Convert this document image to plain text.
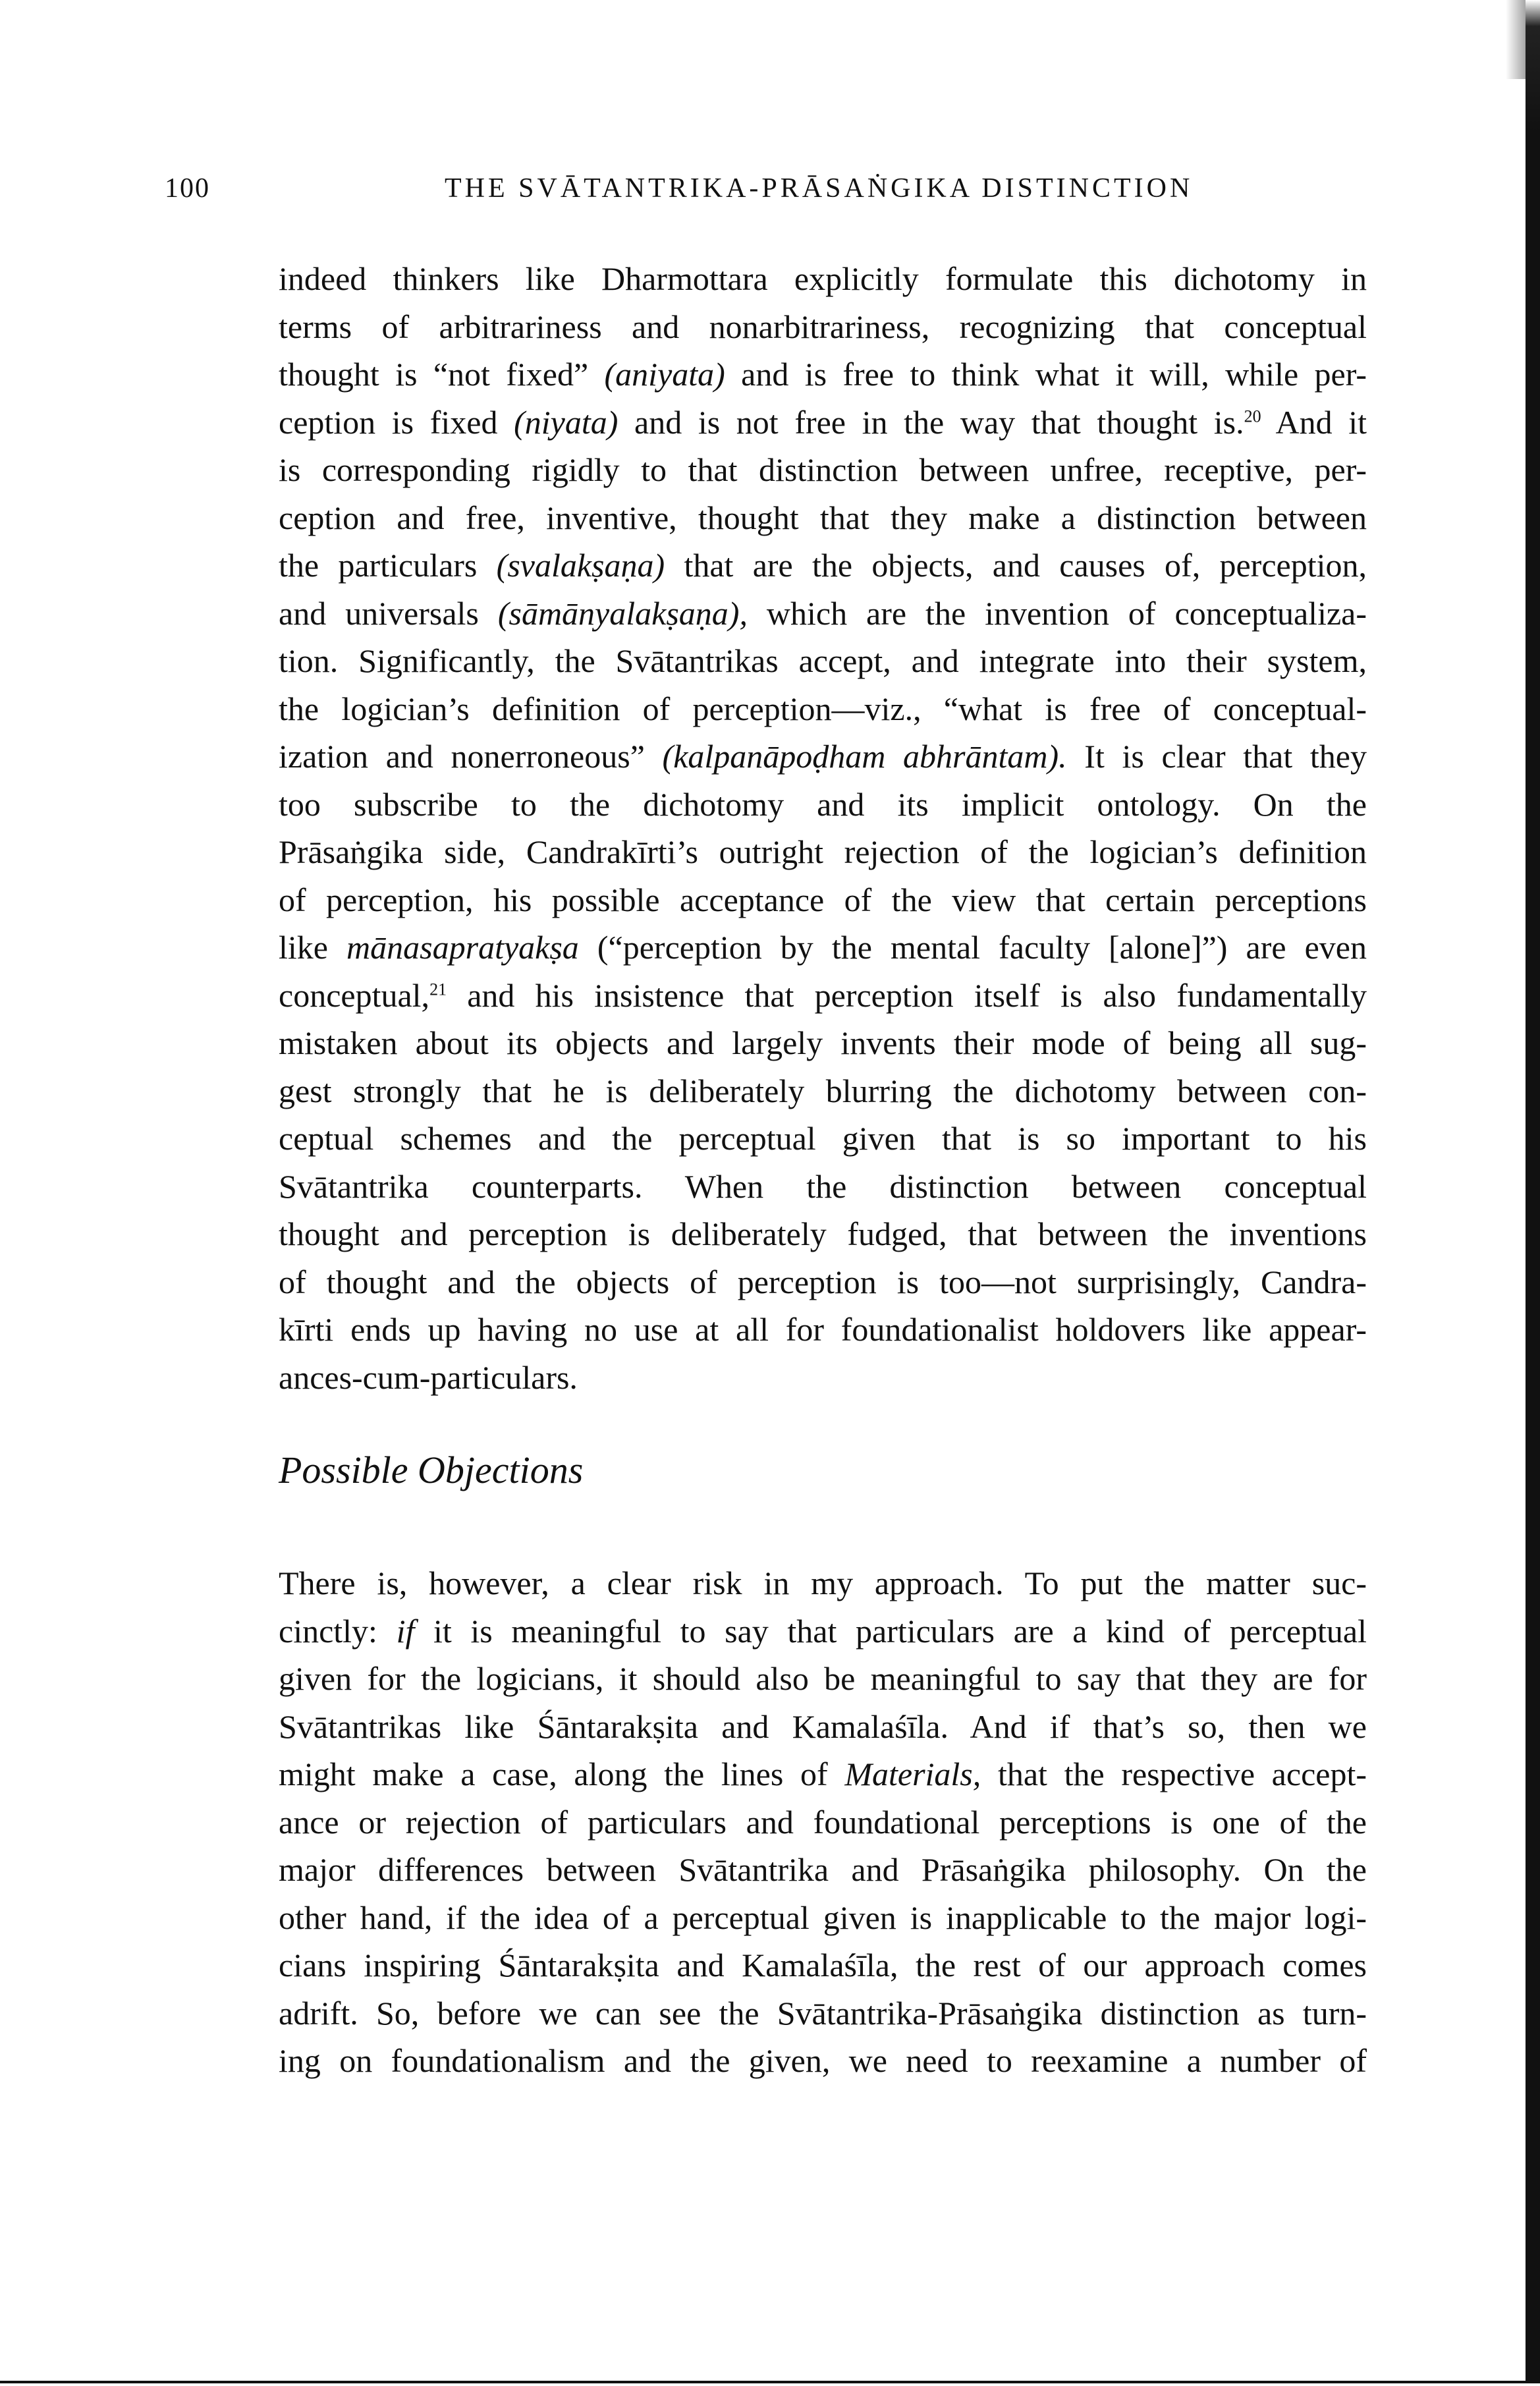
100	THE SVĀTANTRIKA-PRĀSAṄGIKA DISTINCTION
indeed thinkers like Dharmottara explicitly formulate this dichotomy in
terms of arbitrariness and nonarbitrariness, recognizing that conceptual
thought is “not fixed” (aniyata) and is free to think what it will, while per-
ception is fixed (niyata) and is not free in the way that thought is.$^{20}$ And it
is corresponding rigidly to that distinction between unfree, receptive, per-
ception and free, inventive, thought that they make a distinction between
the particulars (svalakṣaṇa) that are the objects, and causes of, perception,
and universals (sāmānyalakṣaṇa), which are the invention of conceptualiza-
tion. Significantly, the Svātantrikas accept, and integrate into their system,
the logician’s definition of perception—viz., “what is free of conceptual-
ization and nonerroneous” (kalpanāpoḍham abhrāntam). It is clear that they
too subscribe to the dichotomy and its implicit ontology. On the
Prāsaṅgika side, Candrakīrti’s outright rejection of the logician’s definition
of perception, his possible acceptance of the view that certain perceptions
like mānasapratyakṣa (“perception by the mental faculty [alone]”) are even
conceptual,$^{21}$ and his insistence that perception itself is also fundamentally
mistaken about its objects and largely invents their mode of being all sug-
gest strongly that he is deliberately blurring the dichotomy between con-
ceptual schemes and the perceptual given that is so important to his
Svātantrika counterparts. When the distinction between conceptual
thought and perception is deliberately fudged, that between the inventions
of thought and the objects of perception is too—not surprisingly, Candra-
kīrti ends up having no use at all for foundationalist holdovers like appear-
ances-cum-particulars.
Possible Objections
There is, however, a clear risk in my approach. To put the matter suc-
cinctly: if it is meaningful to say that particulars are a kind of perceptual
given for the logicians, it should also be meaningful to say that they are for
Svātantrikas like Śāntarakṣita and Kamalaśīla. And if that’s so, then we
might make a case, along the lines of Materials, that the respective accept-
ance or rejection of particulars and foundational perceptions is one of the
major differences between Svātantrika and Prāsaṅgika philosophy. On the
other hand, if the idea of a perceptual given is inapplicable to the major logi-
cians inspiring Śāntarakṣita and Kamalaśīla, the rest of our approach comes
adrift. So, before we can see the Svātantrika-Prāsaṅgika distinction as turn-
ing on foundationalism and the given, we need to reexamine a number of
